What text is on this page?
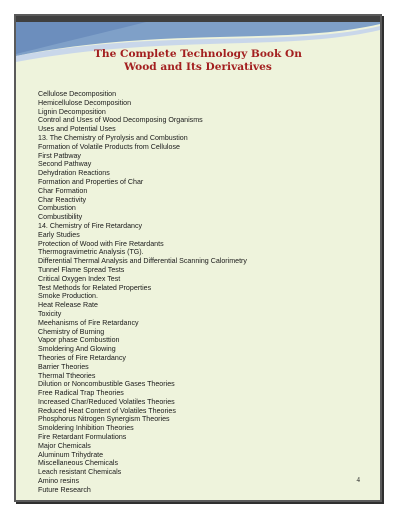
The Complete Technology Book On
Wood and Its Derivatives
Cellulose Decomposition
Hemicellulose Decomposition
Lignin Decomposition
Control and Uses of Wood Decomposing Organisms
Uses and Potential Uses
13. The Chemistry of Pyrolysis and Combustion
Formation of Volatile Products from Cellulose
First Patbway
Second Pathway
Dehydration Reactions
Formation and Properties of Char
Char Formation
Char Reactivity
Combustion
Combustibility
14. Chemistry of Fire Retardancy
Early Studies
Protection of Wood with Fire Retardants
Thermogravimetric Analysis (TG).
Differential Thermal Analysis and Differential Scanning Calorimetry
Tunnel Flame Spread Tests
Critical Oxygen Index Test
Test Methods for Related Properties
Smoke Production.
Heat Release Rate
Toxicity
Meehanisms of Fire Retardancy
Chemistry of Burning
Vapor phase Combusttion
Smoldering And Glowing
Theories of Fire Retardancy
Barrier Theories
Thermal Ttheories
Dilution or Noncombustible Gases Theories
Free Radical Trap Theories
Increased Char/Reduced Volatiles Theories
Reduced Heat Content of Volatiles Theories
Phosphorus Nitrogen Synergism Theories
Smoldering Inhibition Theories
Fire Retardant Formulations
Major Chemicals
Aluminum Trihydrate
Miscellaneous Chemicals
Leach resistant Chemicals
Amino resins
Future Research
4
